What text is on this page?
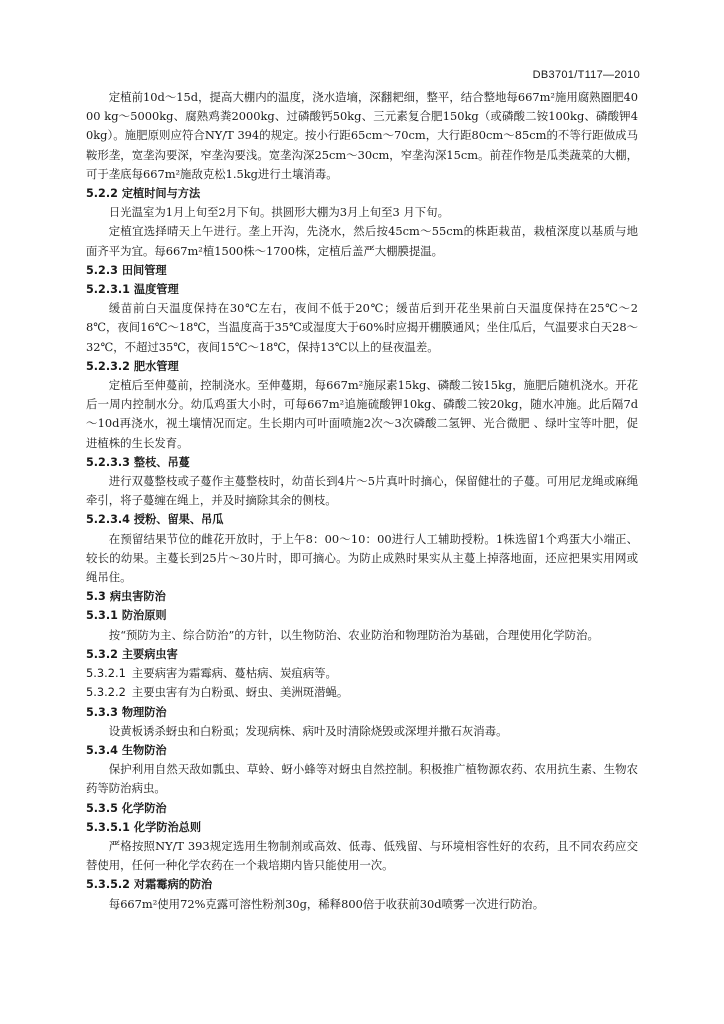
DB3701/T117—2010

定植前10d～15d，提高大棚内的温度，浇水造墒，深翻耙细，整平，结合整地每667m²施用腐熟圈肥4000 kg～5000kg、腐熟鸡粪2000kg、过磷酸钙50kg、三元素复合肥150kg（或磷酸二铵100kg、磷酸钾40kg）。施肥原则应符合NY/T 394的规定。按小行距65cm～70cm，大行距80cm～85cm的不等行距做成马鞍形垄，宽垄沟要深，窄垄沟要浅。宽垄沟深25cm～30cm，窄垄沟深15cm。前茬作物是瓜类蔬菜的大棚，可于垄底每667m²施敌克松1.5kg进行土壤消毒。

5.2.2 定植时间与方法

日光温室为1月上旬至2月下旬。拱圆形大棚为3月上旬至3 月下旬。

定植宜选择晴天上午进行。垄上开沟，先浇水，然后按45cm～55cm的株距栽苗，栽植深度以基质与地面齐平为宜。每667m²植1500株～1700株，定植后盖严大棚膜提温。

5.2.3 田间管理
5.2.3.1 温度管理

缓苗前白天温度保持在30℃左右，夜间不低于20℃；缓苗后到开花坐果前白天温度保持在25℃～28℃，夜间16℃～18℃，当温度高于35℃或湿度大于60%时应揭开棚膜通风；坐住瓜后，气温要求白天28～32℃，不超过35℃，夜间15℃～18℃，保持13℃以上的昼夜温差。

5.2.3.2 肥水管理

定植后至伸蔓前，控制浇水。至伸蔓期，每667m²施尿素15kg、磷酸二铵15kg，施肥后随机浇水。开花后一周内控制水分。幼瓜鸡蛋大小时，可每667m²追施硫酸钾10kg、磷酸二铵20kg，随水冲施。此后隔7d～10d再浇水，视土壤情况而定。生长期内可叶面喷施2次～3次磷酸二氢钾、光合微肥 、绿叶宝等叶肥，促进植株的生长发育。

5.2.3.3 整枝、吊蔓

进行双蔓整枝或子蔓作主蔓整枝时，幼苗长到4片～5片真叶时摘心，保留健壮的子蔓。可用尼龙绳或麻绳牵引，将子蔓缠在绳上，并及时摘除其余的侧枝。

5.2.3.4 授粉、留果、吊瓜

在预留结果节位的雌花开放时，于上午8：00～10：00进行人工辅助授粉。1株选留1个鸡蛋大小端正、较长的幼果。主蔓长到25片～30片时，即可摘心。为防止成熟时果实从主蔓上掉落地面，还应把果实用网或绳吊住。

5.3 病虫害防治
5.3.1 防治原则

按“预防为主、综合防治”的方针，以生物防治、农业防治和物理防治为基础，合理使用化学防治。

5.3.2 主要病虫害
5.3.2.1 主要病害为霜霉病、蔓枯病、炭疽病等。
5.3.2.2 主要虫害有为白粉虱、蚜虫、美洲斑潜蝇。
5.3.3 物理防治

设黄板诱杀蚜虫和白粉虱；发现病株、病叶及时清除烧毁或深埋并撒石灰消毒。

5.3.4 生物防治

保护利用自然天敌如瓢虫、草蛉、蚜小蜂等对蚜虫自然控制。积极推广植物源农药、农用抗生素、生物农药等防治病虫。

5.3.5 化学防治
5.3.5.1 化学防治总则

严格按照NY/T 393规定选用生物制剂或高效、低毒、低残留、与环境相容性好的农药，且不同农药应交替使用，任何一种化学农药在一个栽培期内皆只能使用一次。

5.3.5.2 对霜霉病的防治

每667m²使用72%克露可溶性粉剂30g，稀释800倍于收获前30d喷雾一次进行防治。
